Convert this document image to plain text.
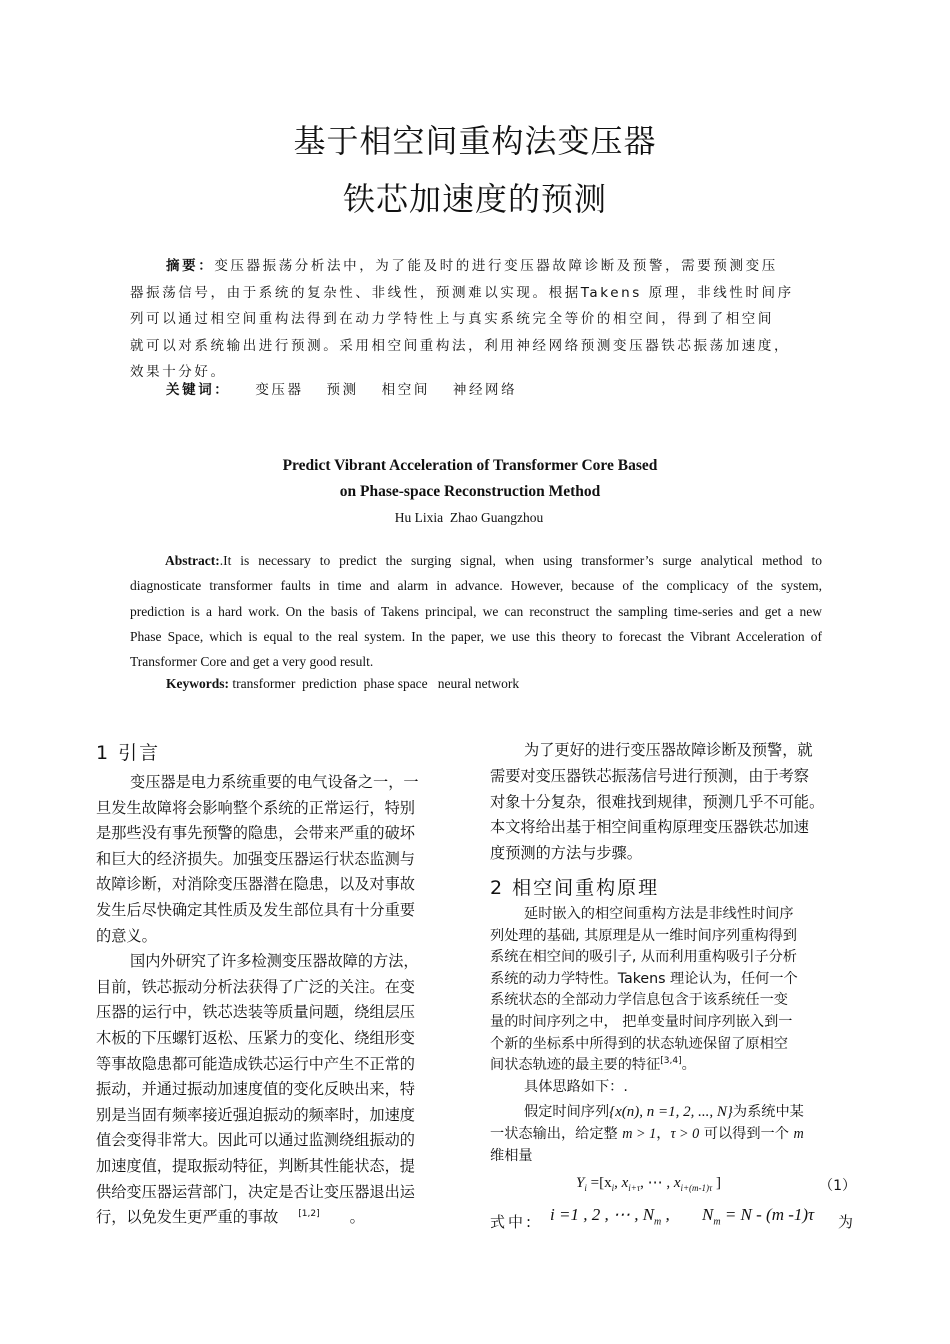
基于相空间重构法变压器
铁芯加速度的预测
摘要：变压器振荡分析法中，为了能及时的进行变压器故障诊断及预警，需要预测变压
器振荡信号，由于系统的复杂性、非线性，预测难以实现。根据Takens 原理，非线性时间序
列可以通过相空间重构法得到在动力学特性上与真实系统完全等价的相空间，得到了相空间
就可以对系统输出进行预测。采用相空间重构法，利用神经网络预测变压器铁芯振荡加速度，
效果十分好。
关键词： 变压器 预测 相空间 神经网络
Predict Vibrant Acceleration of Transformer Core Based
on Phase-space Reconstruction Method
Hu Lixia  Zhao Guangzhou
Abstract:.It is necessary to predict the surging signal, when using transformer’s surge analytical method to
diagnosticate transformer faults in time and alarm in advance. However, because of the complicacy of the system,
prediction is a hard work. On the basis of Takens principal, we can reconstruct the sampling time-series and get a new
Phase Space, which is equal to the real system. In the paper, we use this theory to forecast the Vibrant Acceleration of
Transformer Core and get a very good result.
Keywords: transformer  prediction  phase space   neural network
1 引言
变压器是电力系统重要的电气设备之一，一
旦发生故障将会影响整个系统的正常运行，特别
是那些没有事先预警的隐患，会带来严重的破坏
和巨大的经济损失。加强变压器运行状态监测与
故障诊断，对消除变压器潜在隐患，以及对事故
发生后尽快确定其性质及发生部位具有十分重要
的意义。
国内外研究了许多检测变压器故障的方法，
目前，铁芯振动分析法获得了广泛的关注。在变
压器的运行中，铁芯迭装等质量问题，绕组层压
木板的下压螺钉返松、压紧力的变化、绕组形变
等事故隐患都可能造成铁芯运行中产生不正常的
振动，并通过振动加速度值的变化反映出来，特
别是当固有频率接近强迫振动的频率时，加速度
值会变得非常大。因此可以通过监测绕组振动的
加速度值，提取振动特征，判断其性能状态，提
供给变压器运营部门，决定是否让变压器退出运
行，以免发生更严重的事故 [1,2] 。
为了更好的进行变压器故障诊断及预警，就
需要对变压器铁芯振荡信号进行预测，由于考察
对象十分复杂，很难找到规律，预测几乎不可能。
本文将给出基于相空间重构原理变压器铁芯加速
度预测的方法与步骤。
2 相空间重构原理
延时嵌入的相空间重构方法是非线性时间序
列处理的基础, 其原理是从一维时间序列重构得到
系统在相空间的吸引子, 从而利用重构吸引子分析
系统的动力学特性。Takens 理论认为，任何一个
系统状态的全部动力学信息包含于该系统任一变
量的时间序列之中， 把单变量时间序列嵌入到一
个新的坐标系中所得到的状态轨迹保留了原相空
间状态轨迹的最主要的特征[3,4]。
具体思路如下：.
假定时间序列{x(n), n =1, 2, ..., N}为系统中某
一状态输出，给定整 m > 1，τ > 0 可以得到一个 m
维相量
$Y_i =[x_i$, $x_{i+\tau}$, ⋯ , $x_{i+(m-1)\tau}$ ]	（1）
式中: i =1 , 2 , ⋯ , $N_m$ , $N_m = N - (m$ -1)τ 为
